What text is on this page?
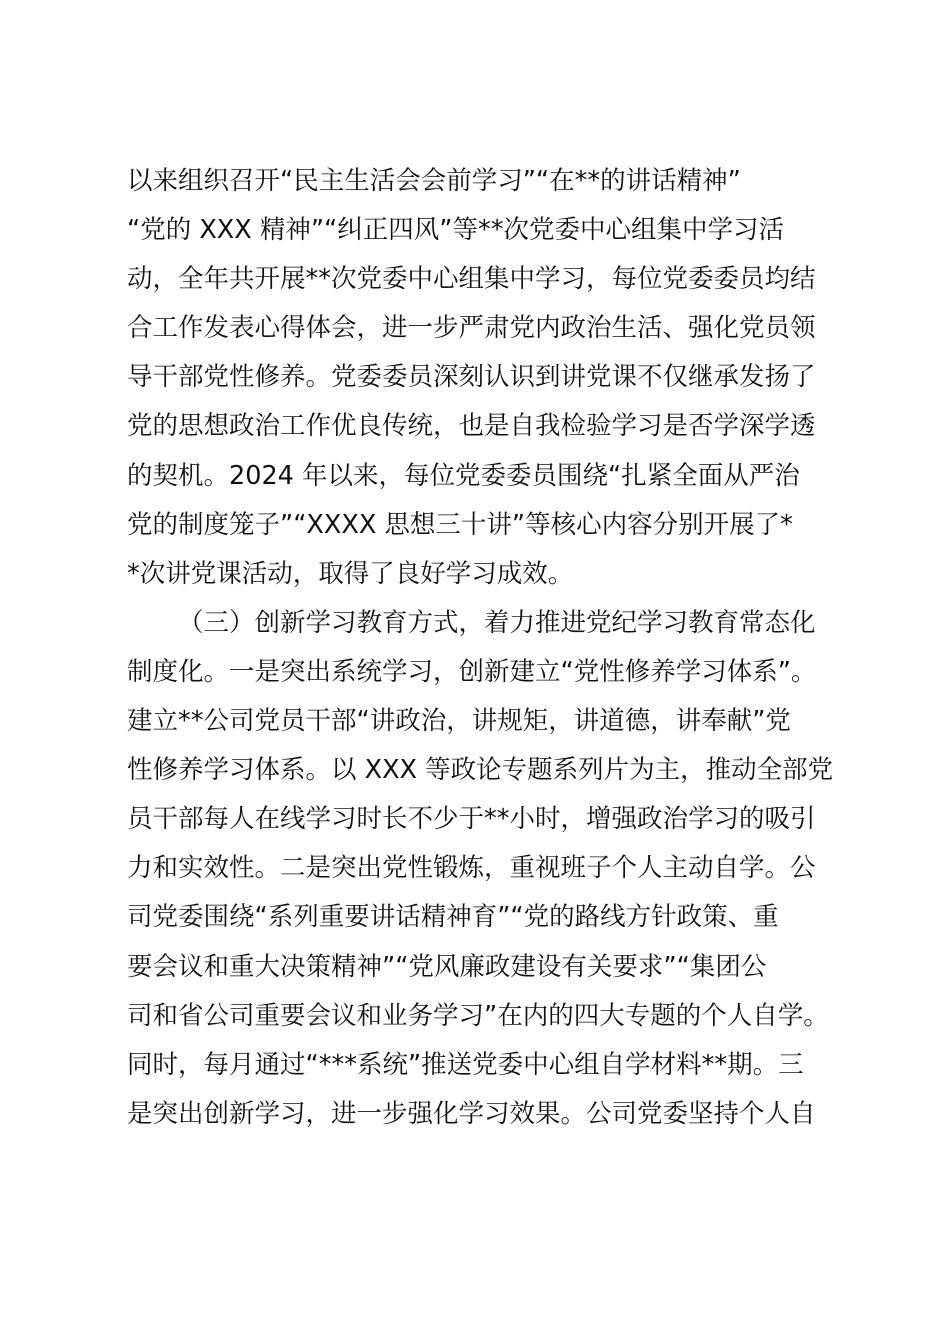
以来组织召开“民主生活会会前学习”“在**的讲话精神”
“党的 XXX 精神”“纠正四风”等**次党委中心组集中学习活
动，全年共开展**次党委中心组集中学习，每位党委委员均结
合工作发表心得体会，进一步严肃党内政治生活、强化党员领
导干部党性修养。党委委员深刻认识到讲党课不仅继承发扬了
党的思想政治工作优良传统，也是自我检验学习是否学深学透
的契机。2024 年以来，每位党委委员围绕“扎紧全面从严治
党的制度笼子”“XXXX 思想三十讲”等核心内容分别开展了*
*次讲党课活动，取得了良好学习成效。
（三）创新学习教育方式，着力推进党纪学习教育常态化
制度化。一是突出系统学习，创新建立“党性修养学习体系”。
建立**公司党员干部“讲政治，讲规矩，讲道德，讲奉献”党
性修养学习体系。以 XXX 等政论专题系列片为主，推动全部党
员干部每人在线学习时长不少于**小时，增强政治学习的吸引
力和实效性。二是突出党性锻炼，重视班子个人主动自学。公
司党委围绕“系列重要讲话精神育”“党的路线方针政策、重
要会议和重大决策精神”“党风廉政建设有关要求”“集团公
司和省公司重要会议和业务学习”在内的四大专题的个人自学。
同时，每月通过“***系统”推送党委中心组自学材料**期。三
是突出创新学习，进一步强化学习效果。公司党委坚持个人自
